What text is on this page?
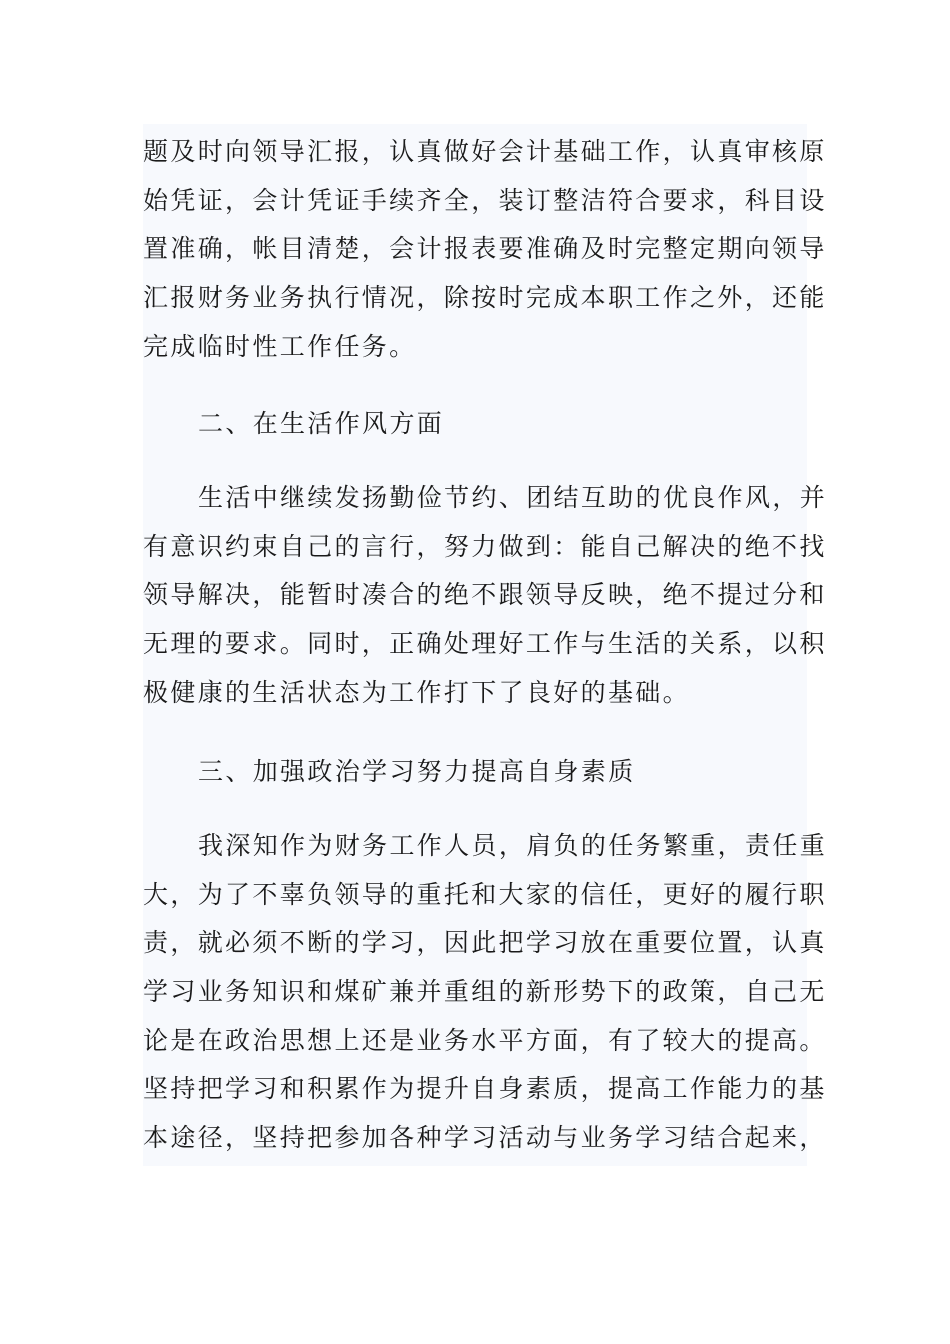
题及时向领导汇报，认真做好会计基础工作，认真审核原
始凭证，会计凭证手续齐全，装订整洁符合要求，科目设
置准确，帐目清楚，会计报表要准确及时完整定期向领导
汇报财务业务执行情况，除按时完成本职工作之外，还能
完成临时性工作任务。

二、在生活作风方面

生活中继续发扬勤俭节约、团结互助的优良作风，并
有意识约束自己的言行，努力做到：能自己解决的绝不找
领导解决，能暂时凑合的绝不跟领导反映，绝不提过分和
无理的要求。同时，正确处理好工作与生活的关系，以积
极健康的生活状态为工作打下了良好的基础。

三、加强政治学习努力提高自身素质

我深知作为财务工作人员，肩负的任务繁重，责任重
大，为了不辜负领导的重托和大家的信任，更好的履行职
责，就必须不断的学习，因此把学习放在重要位置，认真
学习业务知识和煤矿兼并重组的新形势下的政策，自己无
论是在政治思想上还是业务水平方面，有了较大的提高。
坚持把学习和积累作为提升自身素质，提高工作能力的基
本途径，坚持把参加各种学习活动与业务学习结合起来，
